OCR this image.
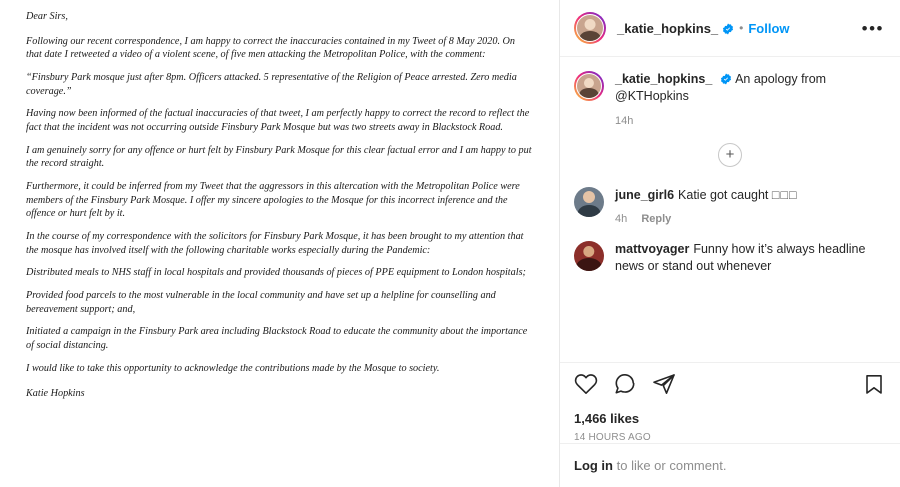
Dear Sirs,

Following our recent correspondence, I am happy to correct the inaccuracies contained in my Tweet of 8 May 2020. On that date I retweeted a video of a violent scene, of five men attacking the Metropolitan Police, with the comment:

“Finsbury Park mosque just after 8pm. Officers attacked. 5 representative of the Religion of Peace arrested. Zero media coverage.”

Having now been informed of the factual inaccuracies of that tweet, I am perfectly happy to correct the record to reflect the fact that the incident was not occurring outside Finsbury Park Mosque but was two streets away in Blackstock Road.

I am genuinely sorry for any offence or hurt felt by Finsbury Park Mosque for this clear factual error and I am happy to put the record straight.

Furthermore, it could be inferred from my Tweet that the aggressors in this altercation with the Metropolitan Police were members of the Finsbury Park Mosque. I offer my sincere apologies to the Mosque for this incorrect inference and the offence or hurt felt by it.

In the course of my correspondence with the solicitors for Finsbury Park Mosque, it has been brought to my attention that the mosque has involved itself with the following charitable works especially during the Pandemic:

Distributed meals to NHS staff in local hospitals and provided thousands of pieces of PPE equipment to London hospitals;

Provided food parcels to the most vulnerable in the local community and have set up a helpline for counselling and bereavement support; and,

Initiated a campaign in the Finsbury Park area including Blackstock Road to educate the community about the importance of social distancing.

I would like to take this opportunity to acknowledge the contributions made by the Mosque to society.

Katie Hopkins

_katie_hopkins_ • Follow	•••
_katie_hopkins_ An apology from @KTHopkins
14h
+
june_girl6 Katie got caught □□□
4h Reply
mattvoyager Funny how it’s always headline news or stand out whenever
1,466 likes
14 HOURS AGO
Log in to like or comment.
